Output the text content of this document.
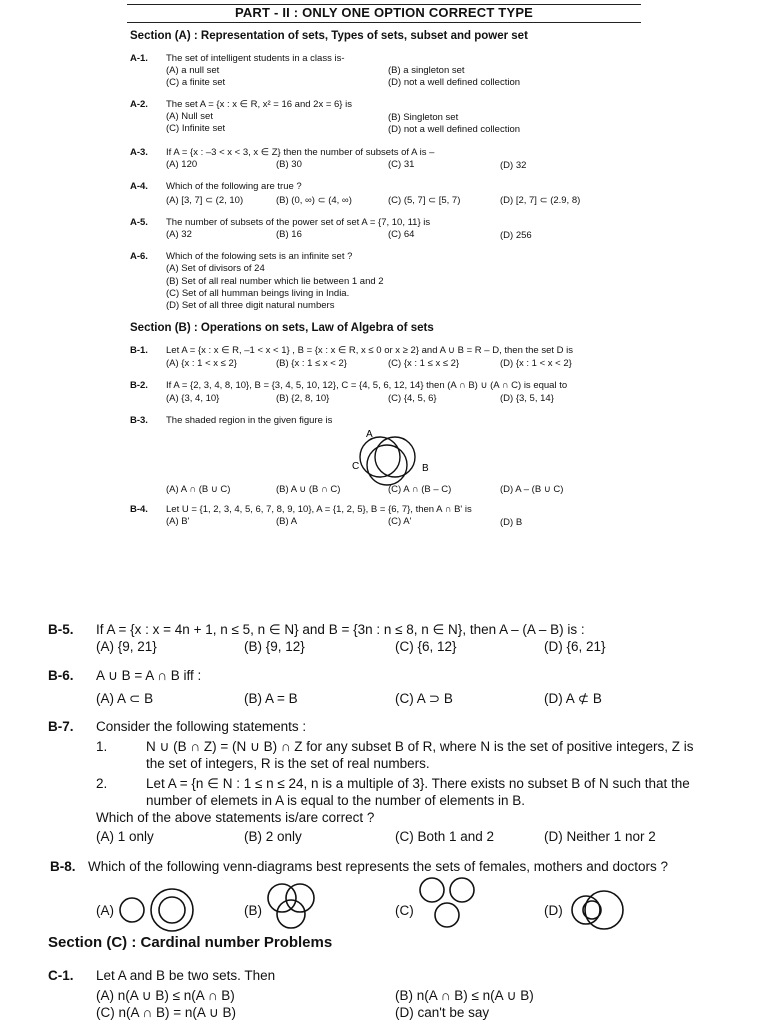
PART - II : ONLY ONE OPTION CORRECT TYPE
Section (A) : Representation of sets, Types of sets, subset and power set
A-1. The set of intelligent students in a class is-
(A) a null set	(B) a singleton set
(C) a finite set	(D) not a well defined collection
A-2. The set A = {x : x ∈ R, x² = 16 and 2x = 6} is
(A) Null set	(B) Singleton set
(C) Infinite set	(D) not a well defined collection
A-3. If A = {x : –3 < x < 3, x ∈ Z} then the number of subsets of A is –
(A) 120	(B) 30	(C) 31	(D) 32
A-4. Which of the following are true ?
(A) [3, 7] ⊂ (2, 10)	(B) (0, ∞) ⊂ (4, ∞)	(C) (5, 7] ⊂ [5, 7)	(D) [2, 7] ⊂ (2.9, 8)
A-5. The number of subsets of the power set of set A = {7, 10, 11} is
(A) 32	(B) 16	(C) 64	(D) 256
A-6. Which of the folowing sets is an infinite set ?
(A) Set of divisors of 24
(B) Set of all real number which lie between 1 and 2
(C) Set of all humman beings living in India.
(D) Set of all three digit natural numbers
Section (B) : Operations on sets, Law of Algebra of sets
B-1. Let A = {x : x ∈ R, –1 < x < 1} , B = {x : x ∈ R, x ≤ 0 or x ≥ 2} and A ∪ B = R – D, then the set D is
(A) {x : 1 < x ≤ 2}	(B) {x : 1 ≤ x < 2}	(C) {x : 1 ≤ x ≤ 2}	(D) {x : 1 < x < 2}
B-2. If A = {2, 3, 4, 8, 10}, B = {3, 4, 5, 10, 12}, C = {4, 5, 6, 12, 14} then (A ∩ B) ∪ (A ∩ C) is equal to
(A) {3, 4, 10}	(B) {2, 8, 10}	(C) {4, 5, 6}	(D) {3, 5, 14}
B-3. The shaded region in the given figure is
A
B
C
(A) A ∩ (B ∪ C)	(B) A ∪ (B ∩ C)	(C) A ∩ (B – C)	(D) A – (B ∪ C)
B-4. Let U = {1, 2, 3, 4, 5, 6, 7, 8, 9, 10}, A = {1, 2, 5}, B = {6, 7}, then A ∩ B' is
(A) B'	(B) A	(C) A'	(D) B
B-5. If A = {x : x = 4n + 1, n ≤ 5, n ∈ N} and B = {3n : n ≤ 8, n ∈ N}, then A – (A – B) is :
(A) {9, 21}	(B) {9, 12}	(C) {6, 12}	(D) {6, 21}
B-6. A ∪ B = A ∩ B iff :
(A) A ⊂ B	(B) A = B	(C) A ⊃ B	(D) A ⊄ B
B-7. Consider the following statements :
1.	N ∪ (B ∩ Z) = (N ∪ B) ∩ Z for any subset B of R, where N is the set of positive integers, Z is
the set of integers, R is the set of real numbers.
2.	Let A = {n ∈ N : 1 ≤ n ≤ 24, n is a multiple of 3}. There exists no subset B of N such that the
number of elemets in A is equal to the number of elements in B.
Which of the above statements is/are correct ?
(A) 1 only	(B) 2 only	(C) Both 1 and 2	(D) Neither 1 nor 2
B-8. Which of the following venn-diagrams best represents the sets of females, mothers and doctors ?
(A)	(B)	(C)	(D)
Section (C) : Cardinal number Problems
C-1. Let A and B be two sets. Then
(A) n(A ∪ B) ≤ n(A ∩ B)	(B) n(A ∩ B) ≤ n(A ∪ B)
(C) n(A ∩ B) = n(A ∪ B)	(D) can't be say
